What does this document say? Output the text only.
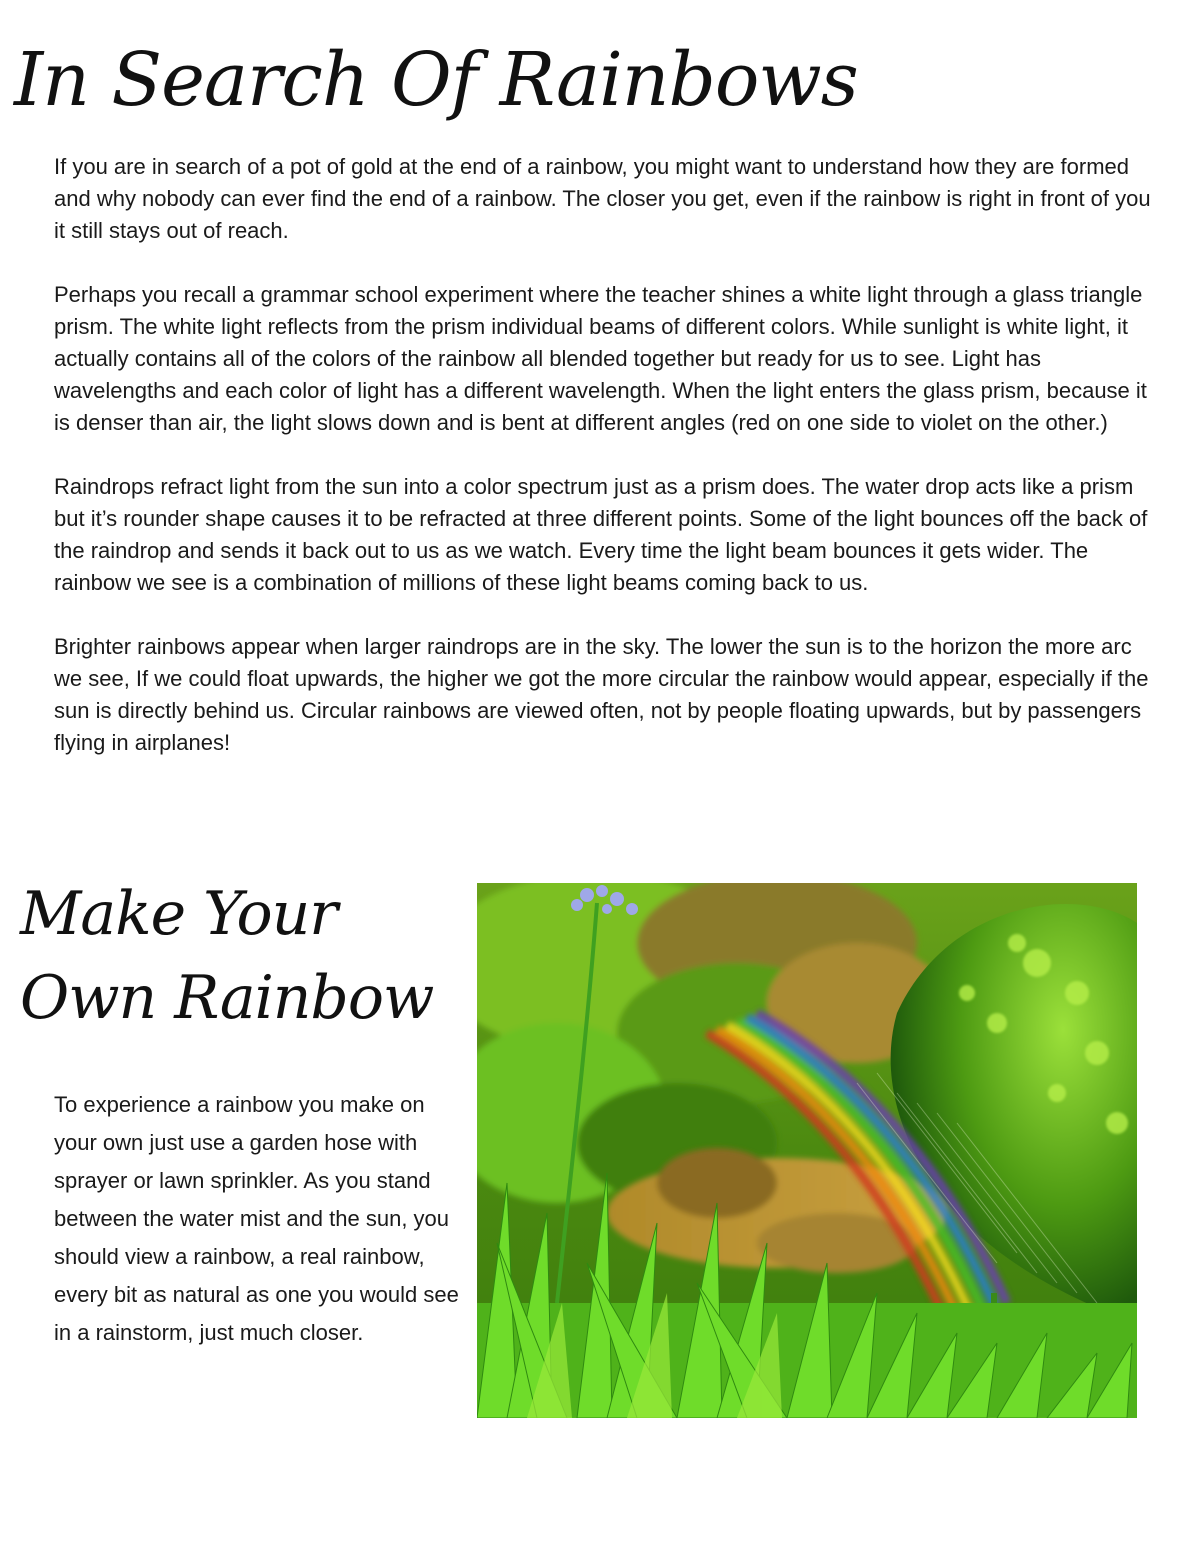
In Search Of Rainbows

If you are in search of a pot of gold at the end of a rainbow, you might want to understand how they are formed and why nobody can ever find the end of a rainbow. The closer you get, even if the rainbow is right in front of you it still stays out of reach.

Perhaps you recall a grammar school experiment where the teacher shines a white light through a glass triangle prism. The white light reflects from the prism individual beams of different colors. While sunlight is white light, it actually contains all of the colors of the rainbow all blended together but ready for us to see. Light has wavelengths and each color of light has a different wavelength. When the light enters the glass prism, because it is denser than air, the light slows down and is bent at different angles (red on one side to violet on the other.)

Raindrops refract light from the sun into a color spectrum just as a prism does. The water drop acts like a prism but it’s rounder shape causes it to be refracted at three different points. Some of the light bounces off the back of the raindrop and sends it back out to us as we watch. Every time the light beam bounces it gets wider. The rainbow we see is a combination of millions of these light beams coming back to us.

Brighter rainbows appear when larger raindrops are in the sky. The lower the sun is to the horizon the more arc we see, If we could float upwards, the higher we got the more circular the rainbow would appear, especially if the sun is directly behind us. Circular rainbows are viewed often, not by people floating upwards, but by passengers flying in airplanes!

Make Your Own Rainbow
To experience a rainbow you make on your own just use a garden hose with sprayer or lawn sprinkler. As you stand between the water mist and the sun, you should view a rainbow, a real rainbow, every bit as natural as one you would see in a rainstorm, just much closer.
